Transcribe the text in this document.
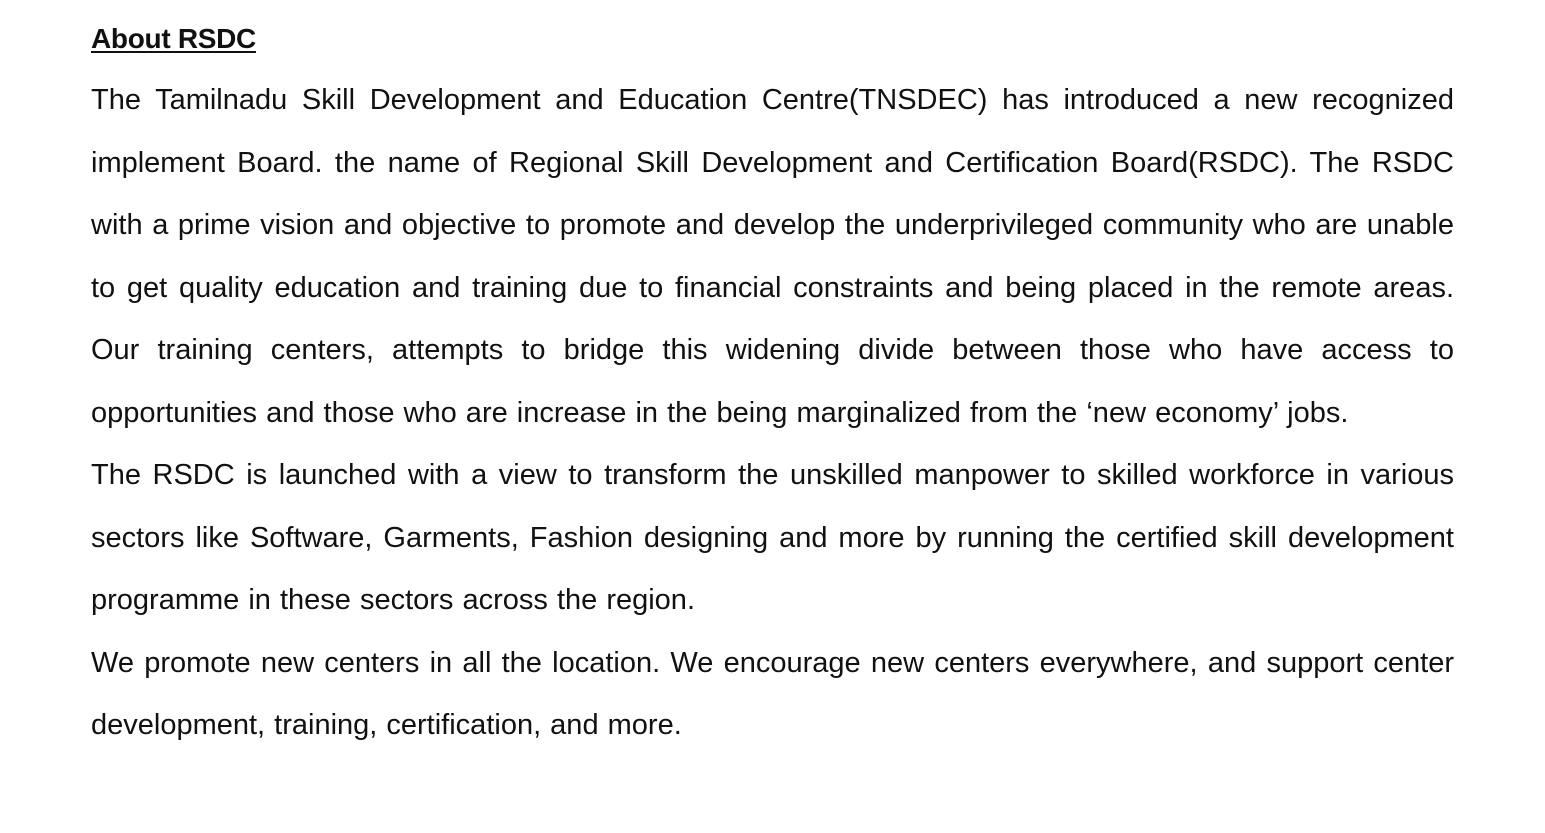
About RSDC

The Tamilnadu Skill Development and Education Centre(TNSDEC) has introduced a new recognized implement Board. the name of Regional Skill Development and Certification Board(RSDC). The RSDC with a prime vision and objective to promote and develop the underprivileged community who are unable to get quality education and training due to financial constraints and being placed in the remote areas. Our training centers, attempts to bridge this widening divide between those who have access to opportunities and those who are increase in the being marginalized from the ‘new economy’ jobs.

The RSDC is launched with a view to transform the unskilled manpower to skilled workforce in various sectors like Software, Garments, Fashion designing and more by running the certified skill development programme in these sectors across the region.

We promote new centers in all the location. We encourage new centers everywhere, and support center development, training, certification, and more.
